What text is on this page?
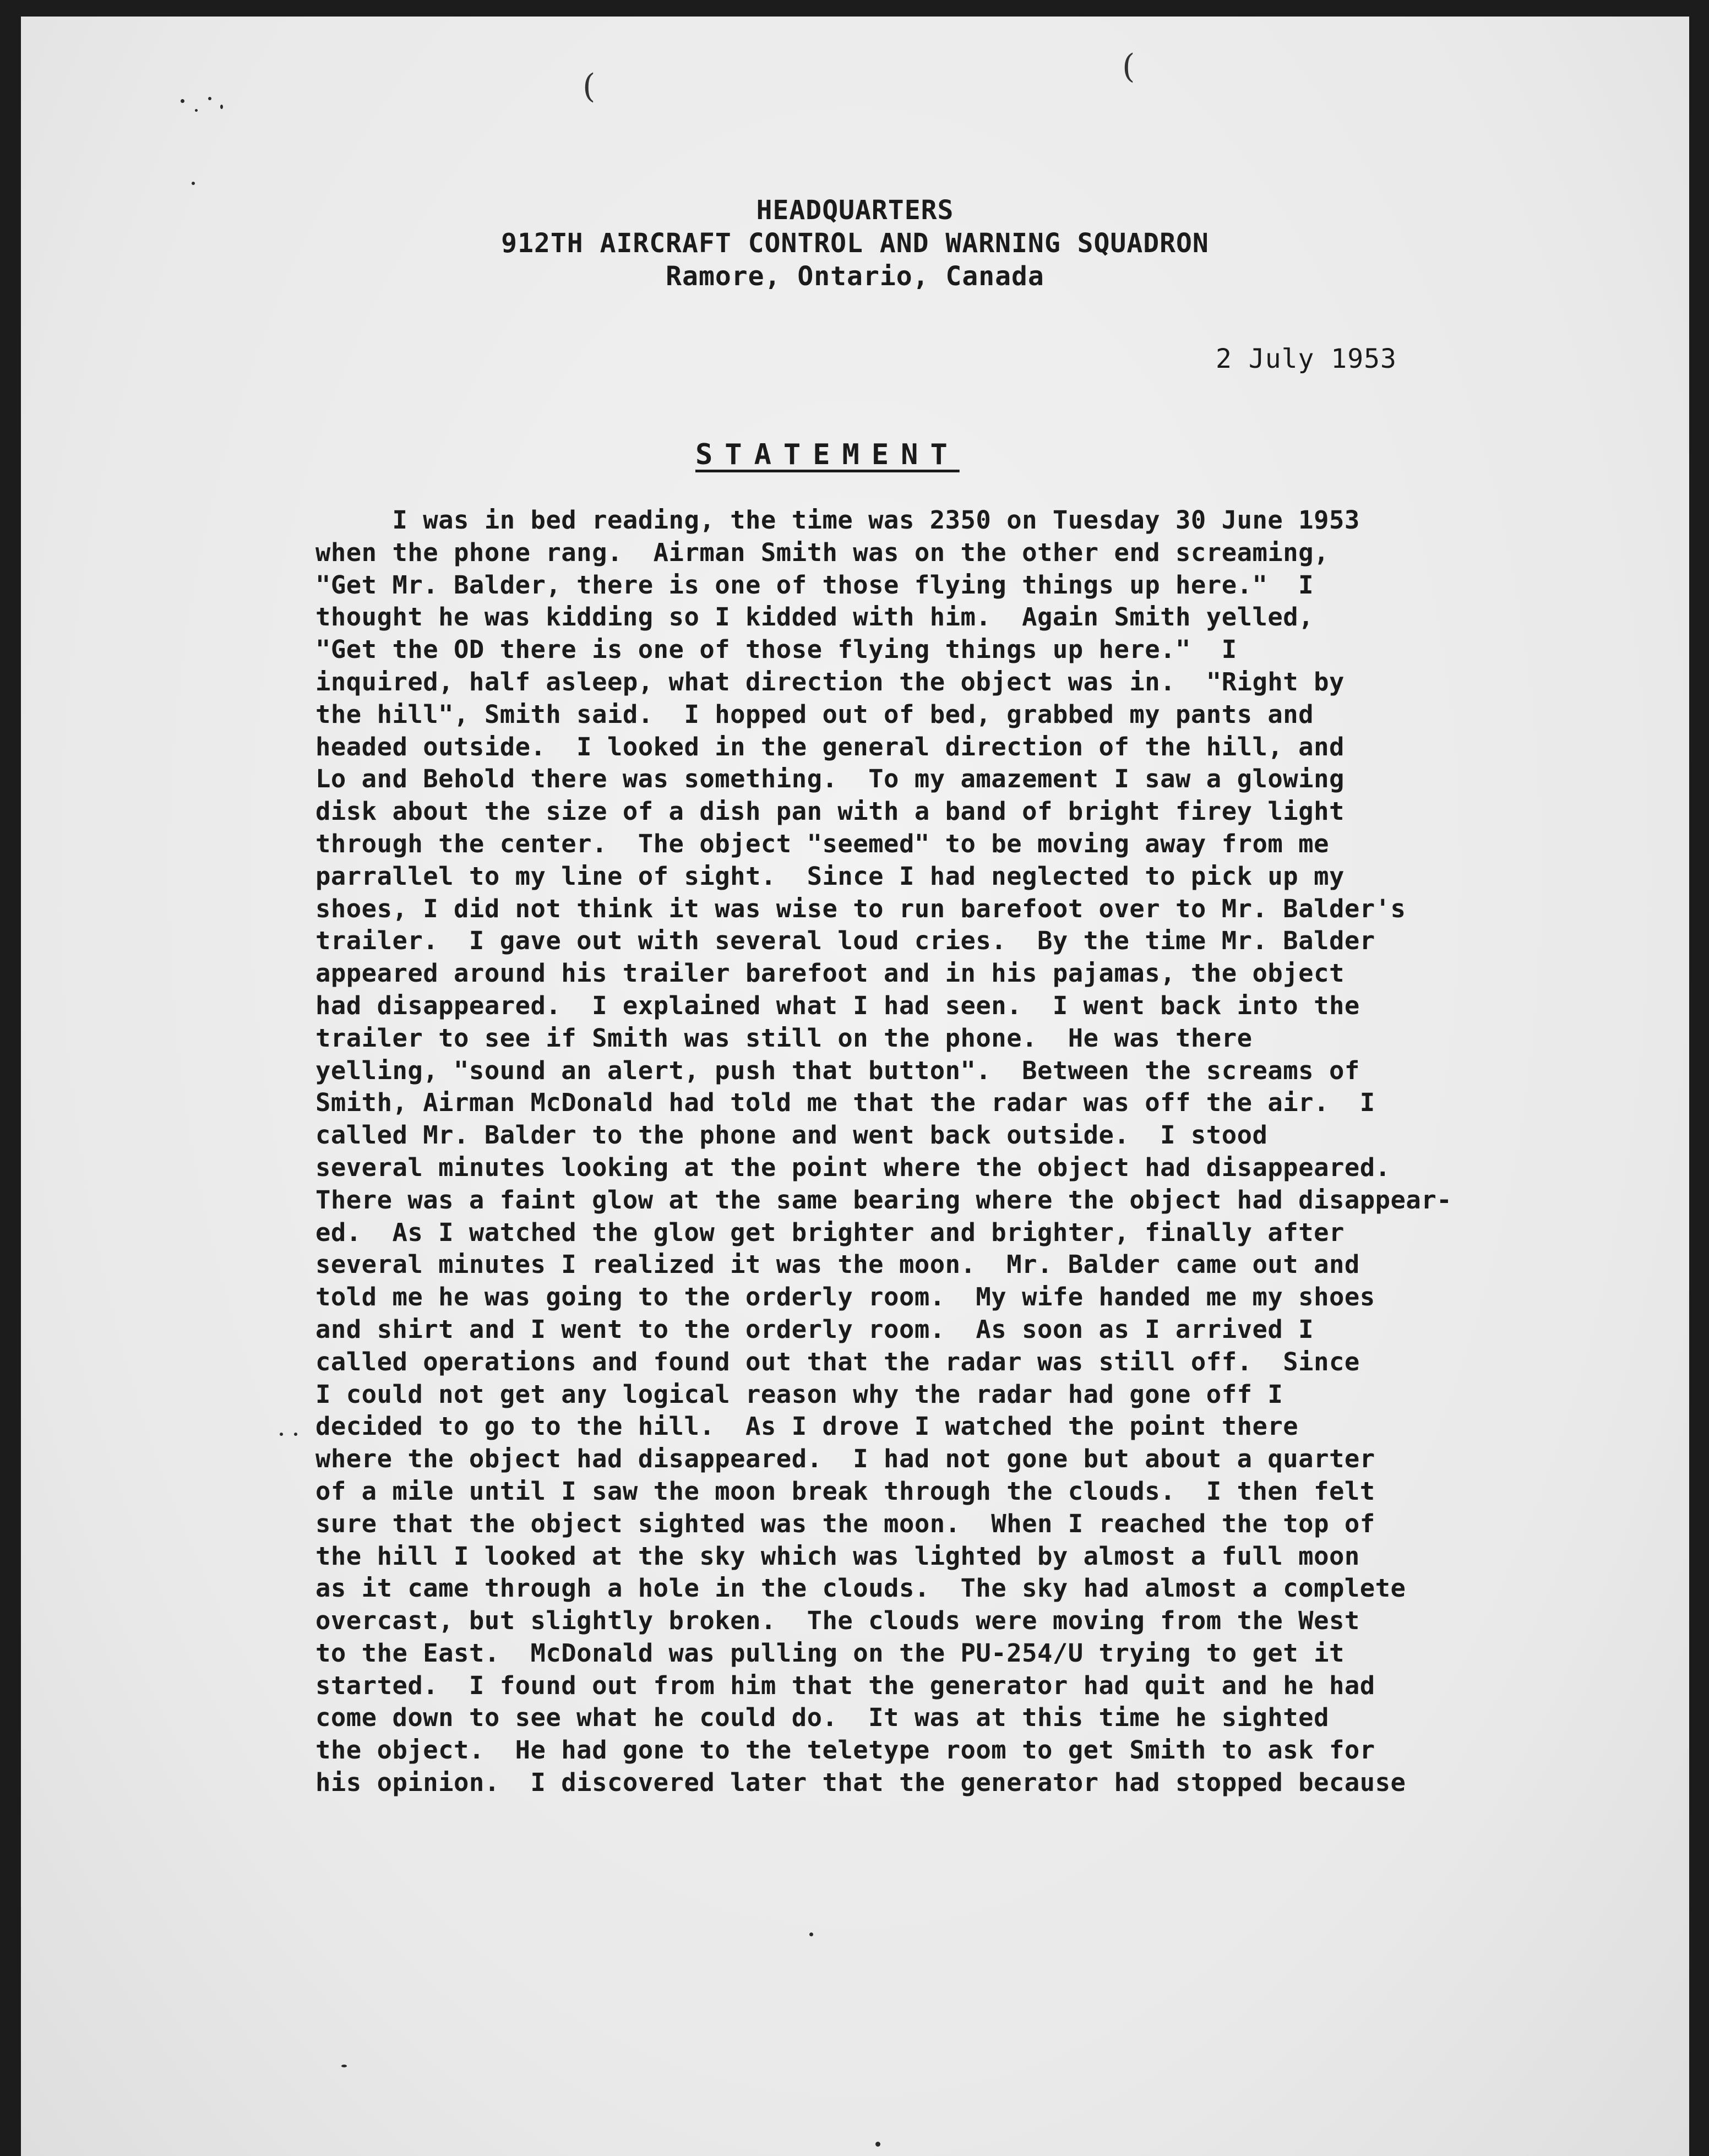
(
(
HEADQUARTERS
912TH AIRCRAFT CONTROL AND WARNING SQUADRON
Ramore, Ontario, Canada
2 July 1953
STATEMENT
I was in bed reading, the time was 2350 on Tuesday 30 June 1953
when the phone rang.  Airman Smith was on the other end screaming,
"Get Mr. Balder, there is one of those flying things up here."  I
thought he was kidding so I kidded with him.  Again Smith yelled,
"Get the OD there is one of those flying things up here."  I
inquired, half asleep, what direction the object was in.  "Right by
the hill", Smith said.  I hopped out of bed, grabbed my pants and
headed outside.  I looked in the general direction of the hill, and
Lo and Behold there was something.  To my amazement I saw a glowing
disk about the size of a dish pan with a band of bright firey light
through the center.  The object "seemed" to be moving away from me
parrallel to my line of sight.  Since I had neglected to pick up my
shoes, I did not think it was wise to run barefoot over to Mr. Balder's
trailer.  I gave out with several loud cries.  By the time Mr. Balder
appeared around his trailer barefoot and in his pajamas, the object
had disappeared.  I explained what I had seen.  I went back into the
trailer to see if Smith was still on the phone.  He was there
yelling, "sound an alert, push that button".  Between the screams of
Smith, Airman McDonald had told me that the radar was off the air.  I
called Mr. Balder to the phone and went back outside.  I stood
several minutes looking at the point where the object had disappeared.
There was a faint glow at the same bearing where the object had disappear-
ed.  As I watched the glow get brighter and brighter, finally after
several minutes I realized it was the moon.  Mr. Balder came out and
told me he was going to the orderly room.  My wife handed me my shoes
and shirt and I went to the orderly room.  As soon as I arrived I
called operations and found out that the radar was still off.  Since
I could not get any logical reason why the radar had gone off I
decided to go to the hill.  As I drove I watched the point there
where the object had disappeared.  I had not gone but about a quarter
of a mile until I saw the moon break through the clouds.  I then felt
sure that the object sighted was the moon.  When I reached the top of
the hill I looked at the sky which was lighted by almost a full moon
as it came through a hole in the clouds.  The sky had almost a complete
overcast, but slightly broken.  The clouds were moving from the West
to the East.  McDonald was pulling on the PU-254/U trying to get it
started.  I found out from him that the generator had quit and he had
come down to see what he could do.  It was at this time he sighted
the object.  He had gone to the teletype room to get Smith to ask for
his opinion.  I discovered later that the generator had stopped because
